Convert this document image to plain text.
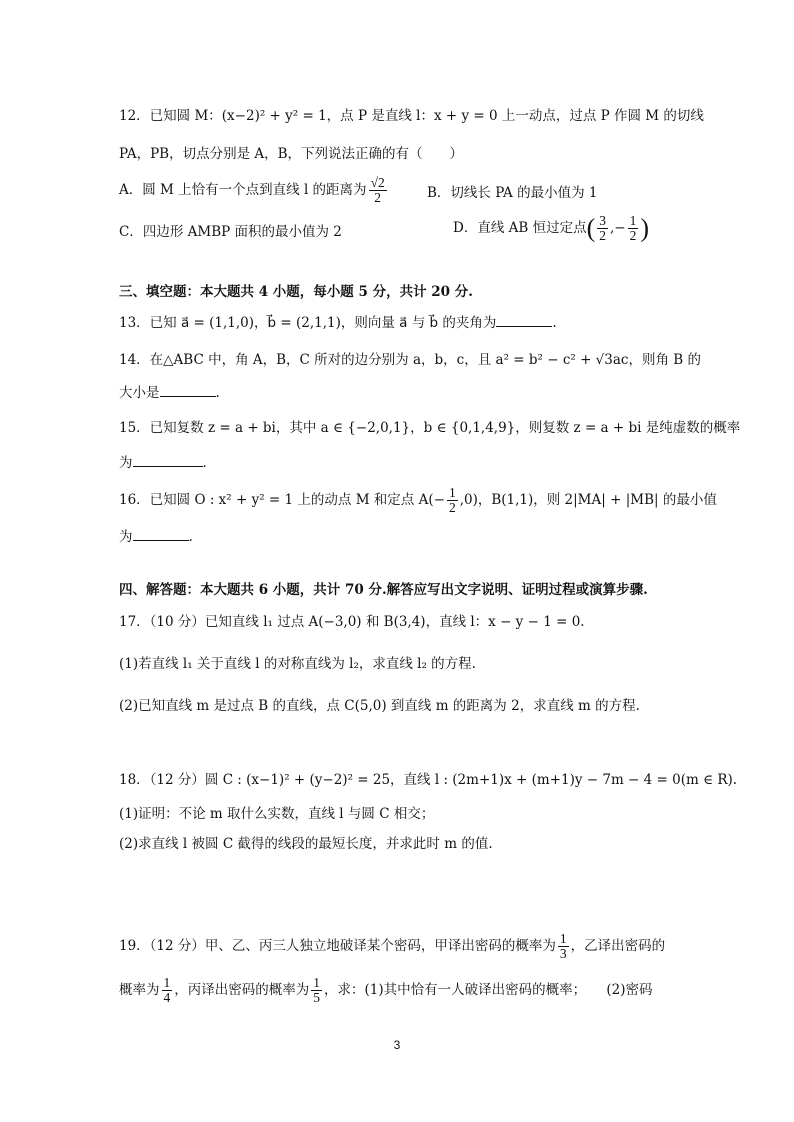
12．已知圆 M：(x−2)² + y² = 1，点 P 是直线 l：x + y = 0 上一动点，过点 P 作圆 M 的切线
PA，PB，切点分别是 A，B，下列说法正确的有（　　）
A．圆 M 上恰有一个点到直线 l 的距离为 $\frac{√2}{2}$	B．切线长 PA 的最小值为 1
C．四边形 AMBP 面积的最小值为 2	D．直线 AB 恒过定点( $\frac{3}{2}$ ,− $\frac{1}{2}$ )
三、填空题：本大题共 4 小题，每小题 5 分，共计 20 分.
13．已知 a⃗ = (1,1,0)，b⃗ = (2,1,1)，则向量 a⃗ 与 b⃗ 的夹角为	.
14．在△ABC 中，角 A，B，C 所对的边分别为 a，b，c，且 a² = b² − c² + √3ac，则角 B 的
大小是	.
15．已知复数 z = a + bi，其中 a ∈ {−2,0,1}，b ∈ {0,1,4,9}，则复数 z = a + bi 是纯虚数的概率
为	.
16．已知圆 O : x² + y² = 1 上的动点 M 和定点 $A(- \frac{1}{2} ,0)$，B(1,1)，则 2|MA| + |MB| 的最小值
为	.
四、解答题：本大题共 6 小题，共计 70 分.解答应写出文字说明、证明过程或演算步骤.
17．（10 分）已知直线 l₁ 过点 A(−3,0) 和 B(3,4)，直线 l：x − y − 1 = 0.
(1)若直线 l₁ 关于直线 l 的对称直线为 l₂，求直线 l₂ 的方程.
(2)已知直线 m 是过点 B 的直线，点 C(5,0) 到直线 m 的距离为 2，求直线 m 的方程.
18．（12 分）圆 C : (x−1)² + (y−2)² = 25，直线 l : (2m+1)x + (m+1)y − 7m − 4 = 0(m ∈ R).
(1)证明：不论 m 取什么实数，直线 l 与圆 C 相交；
(2)求直线 l 被圆 C 截得的线段的最短长度，并求此时 m 的值.
19．（12 分）甲、乙、丙三人独立地破译某个密码，甲译出密码的概率为 $\frac{1}{3}$ ，乙译出密码的
概率为 $\frac{1}{4}$ ，丙译出密码的概率为 $\frac{1}{5}$ ，求：(1)其中恰有一人破译出密码的概率；　　(2)密码
3
